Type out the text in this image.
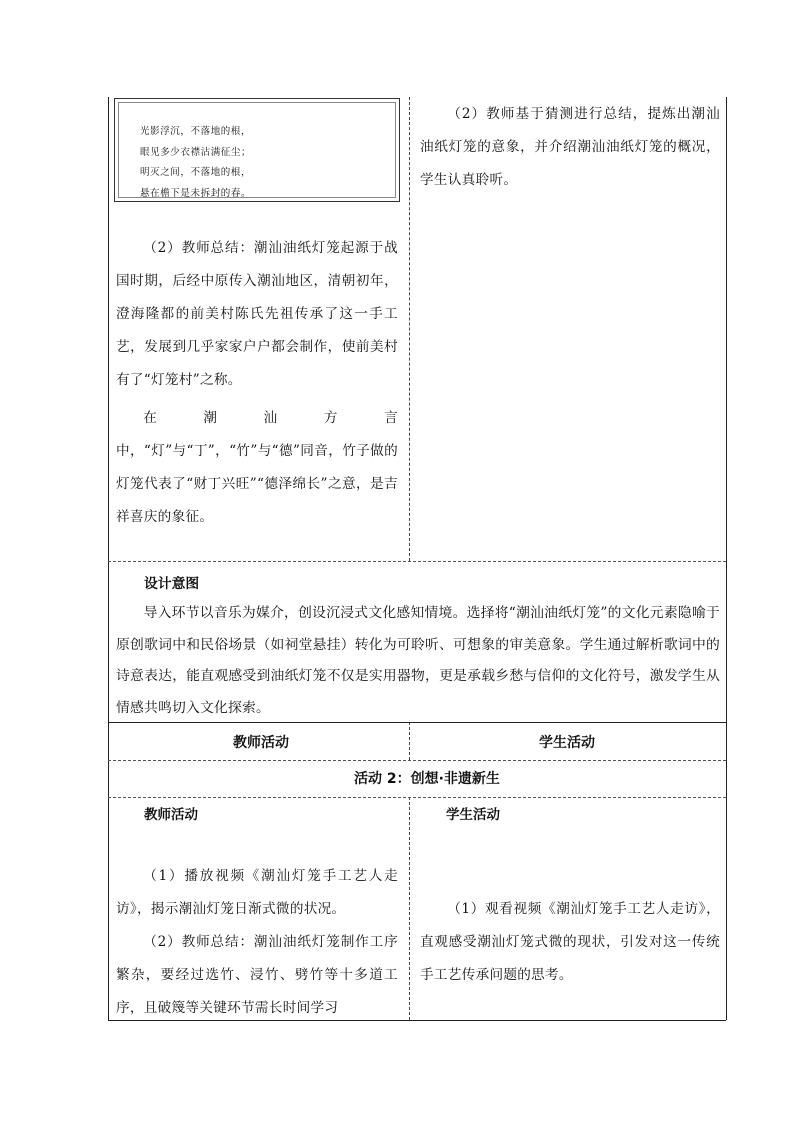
光影浮沉，不落地的根，
眼见多少衣襟沾满征尘；
明灭之间，不落地的根，
悬在檐下是未拆封的春。
（2）教师总结：潮汕油纸灯笼起源于战国时期，后经中原传入潮汕地区，清朝初年，澄海隆都的前美村陈氏先祖传承了这一手工艺，发展到几乎家家户户都会制作，使前美村有了“灯笼村”之称。
在潮汕方言中，“灯”与“丁”，“竹”与“德”同音，竹子做的灯笼代表了“财丁兴旺”“德泽绵长”之意，是吉祥喜庆的象征。
（2）教师基于猜测进行总结，提炼出潮汕油纸灯笼的意象，并介绍潮汕油纸灯笼的概况，学生认真聆听。
设计意图
导入环节以音乐为媒介，创设沉浸式文化感知情境。选择将“潮汕油纸灯笼”的文化元素隐喻于原创歌词中和民俗场景（如祠堂悬挂）转化为可聆听、可想象的审美意象。学生通过解析歌词中的诗意表达，能直观感受到油纸灯笼不仅是实用器物，更是承载乡愁与信仰的文化符号，激发学生从情感共鸣切入文化探索。
教师活动	学生活动
活动 2：创想·非遗新生
教师活动	学生活动
（1）播放视频《潮汕灯笼手工艺人走访》，揭示潮汕灯笼日渐式微的状况。
（2）教师总结：潮汕油纸灯笼制作工序繁杂，要经过选竹、浸竹、劈竹等十多道工序，且破篾等关键环节需长时间学习
（1）观看视频《潮汕灯笼手工艺人走访》，直观感受潮汕灯笼式微的现状，引发对这一传统手工艺传承问题的思考。
